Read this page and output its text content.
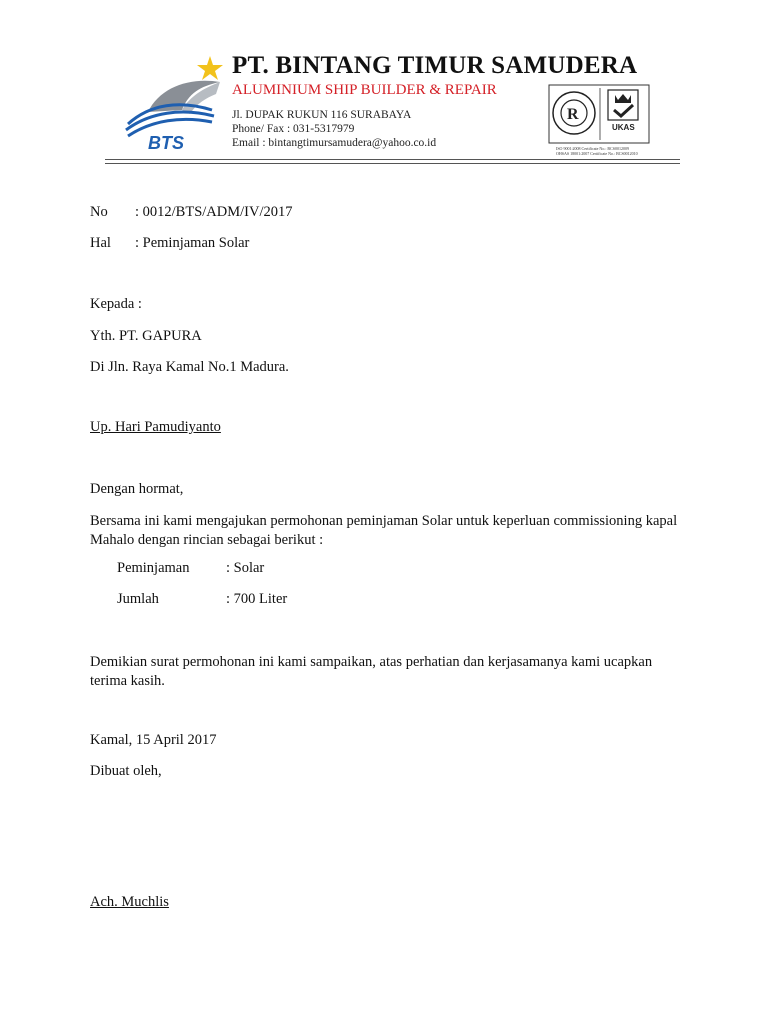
BTS
PT. BINTANG TIMUR SAMUDERA
ALUMINIUM SHIP BUILDER & REPAIR
Jl. DUPAK RUKUN 116 SURABAYA
Phone/ Fax : 031-5317979
Email : bintangtimursamudera@yahoo.co.id
R
UKAS
ISO 9001:2008 Certificate No.: BCS0012009
OHSAS 18001:2007 Certificate No.: BCS0012010
No : 0012/BTS/ADM/IV/2017
Hal : Peminjaman Solar
Kepada :
Yth. PT. GAPURA
Di Jln. Raya Kamal No.1 Madura.
Up. Hari Pamudiyanto
Dengan hormat,
Bersama ini kami mengajukan permohonan peminjaman Solar untuk keperluan commissioning kapal Mahalo dengan rincian sebagai berikut :
Peminjaman	: Solar
Jumlah	: 700 Liter
Demikian surat permohonan ini kami sampaikan, atas perhatian dan kerjasamanya kami ucapkan terima kasih.
Kamal, 15 April 2017
Dibuat oleh,
Ach. Muchlis
